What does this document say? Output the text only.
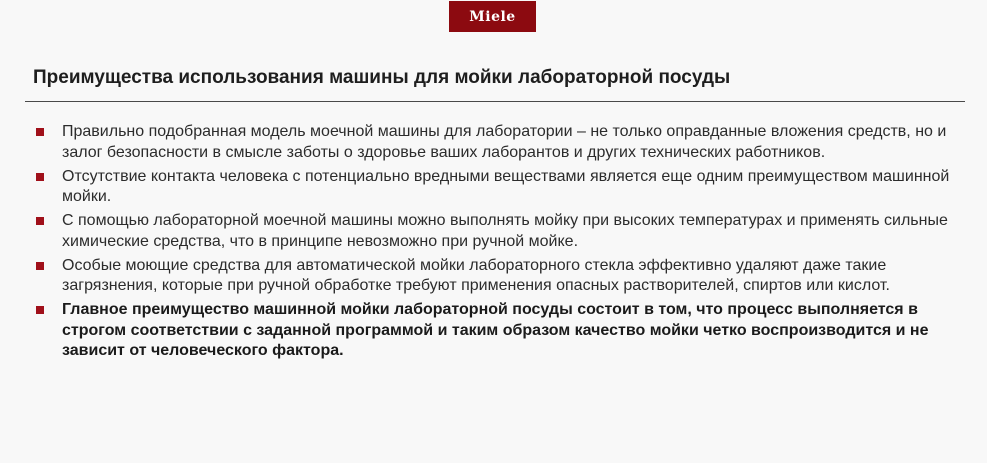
Miele
Преимущества использования машины для мойки лабораторной посуды
Правильно подобранная модель моечной машины для лаборатории – не только оправданные вложения средств, но и залог безопасности в смысле заботы о здоровье ваших лаборантов и других технических работников.
Отсутствие контакта человека с потенциально вредными веществами является еще одним преимуществом машинной мойки.
С помощью лабораторной моечной машины можно выполнять мойку при высоких температурах и применять сильные химические средства, что в принципе невозможно при ручной мойке.
Особые моющие средства для автоматической мойки лабораторного стекла эффективно удаляют даже такие загрязнения, которые при ручной обработке требуют применения опасных растворителей, спиртов или кислот.
Главное преимущество машинной мойки лабораторной посуды состоит в том, что процесс выполняется в строгом соответствии с заданной программой и таким образом качество мойки четко воспроизводится и не зависит от человеческого фактора.
